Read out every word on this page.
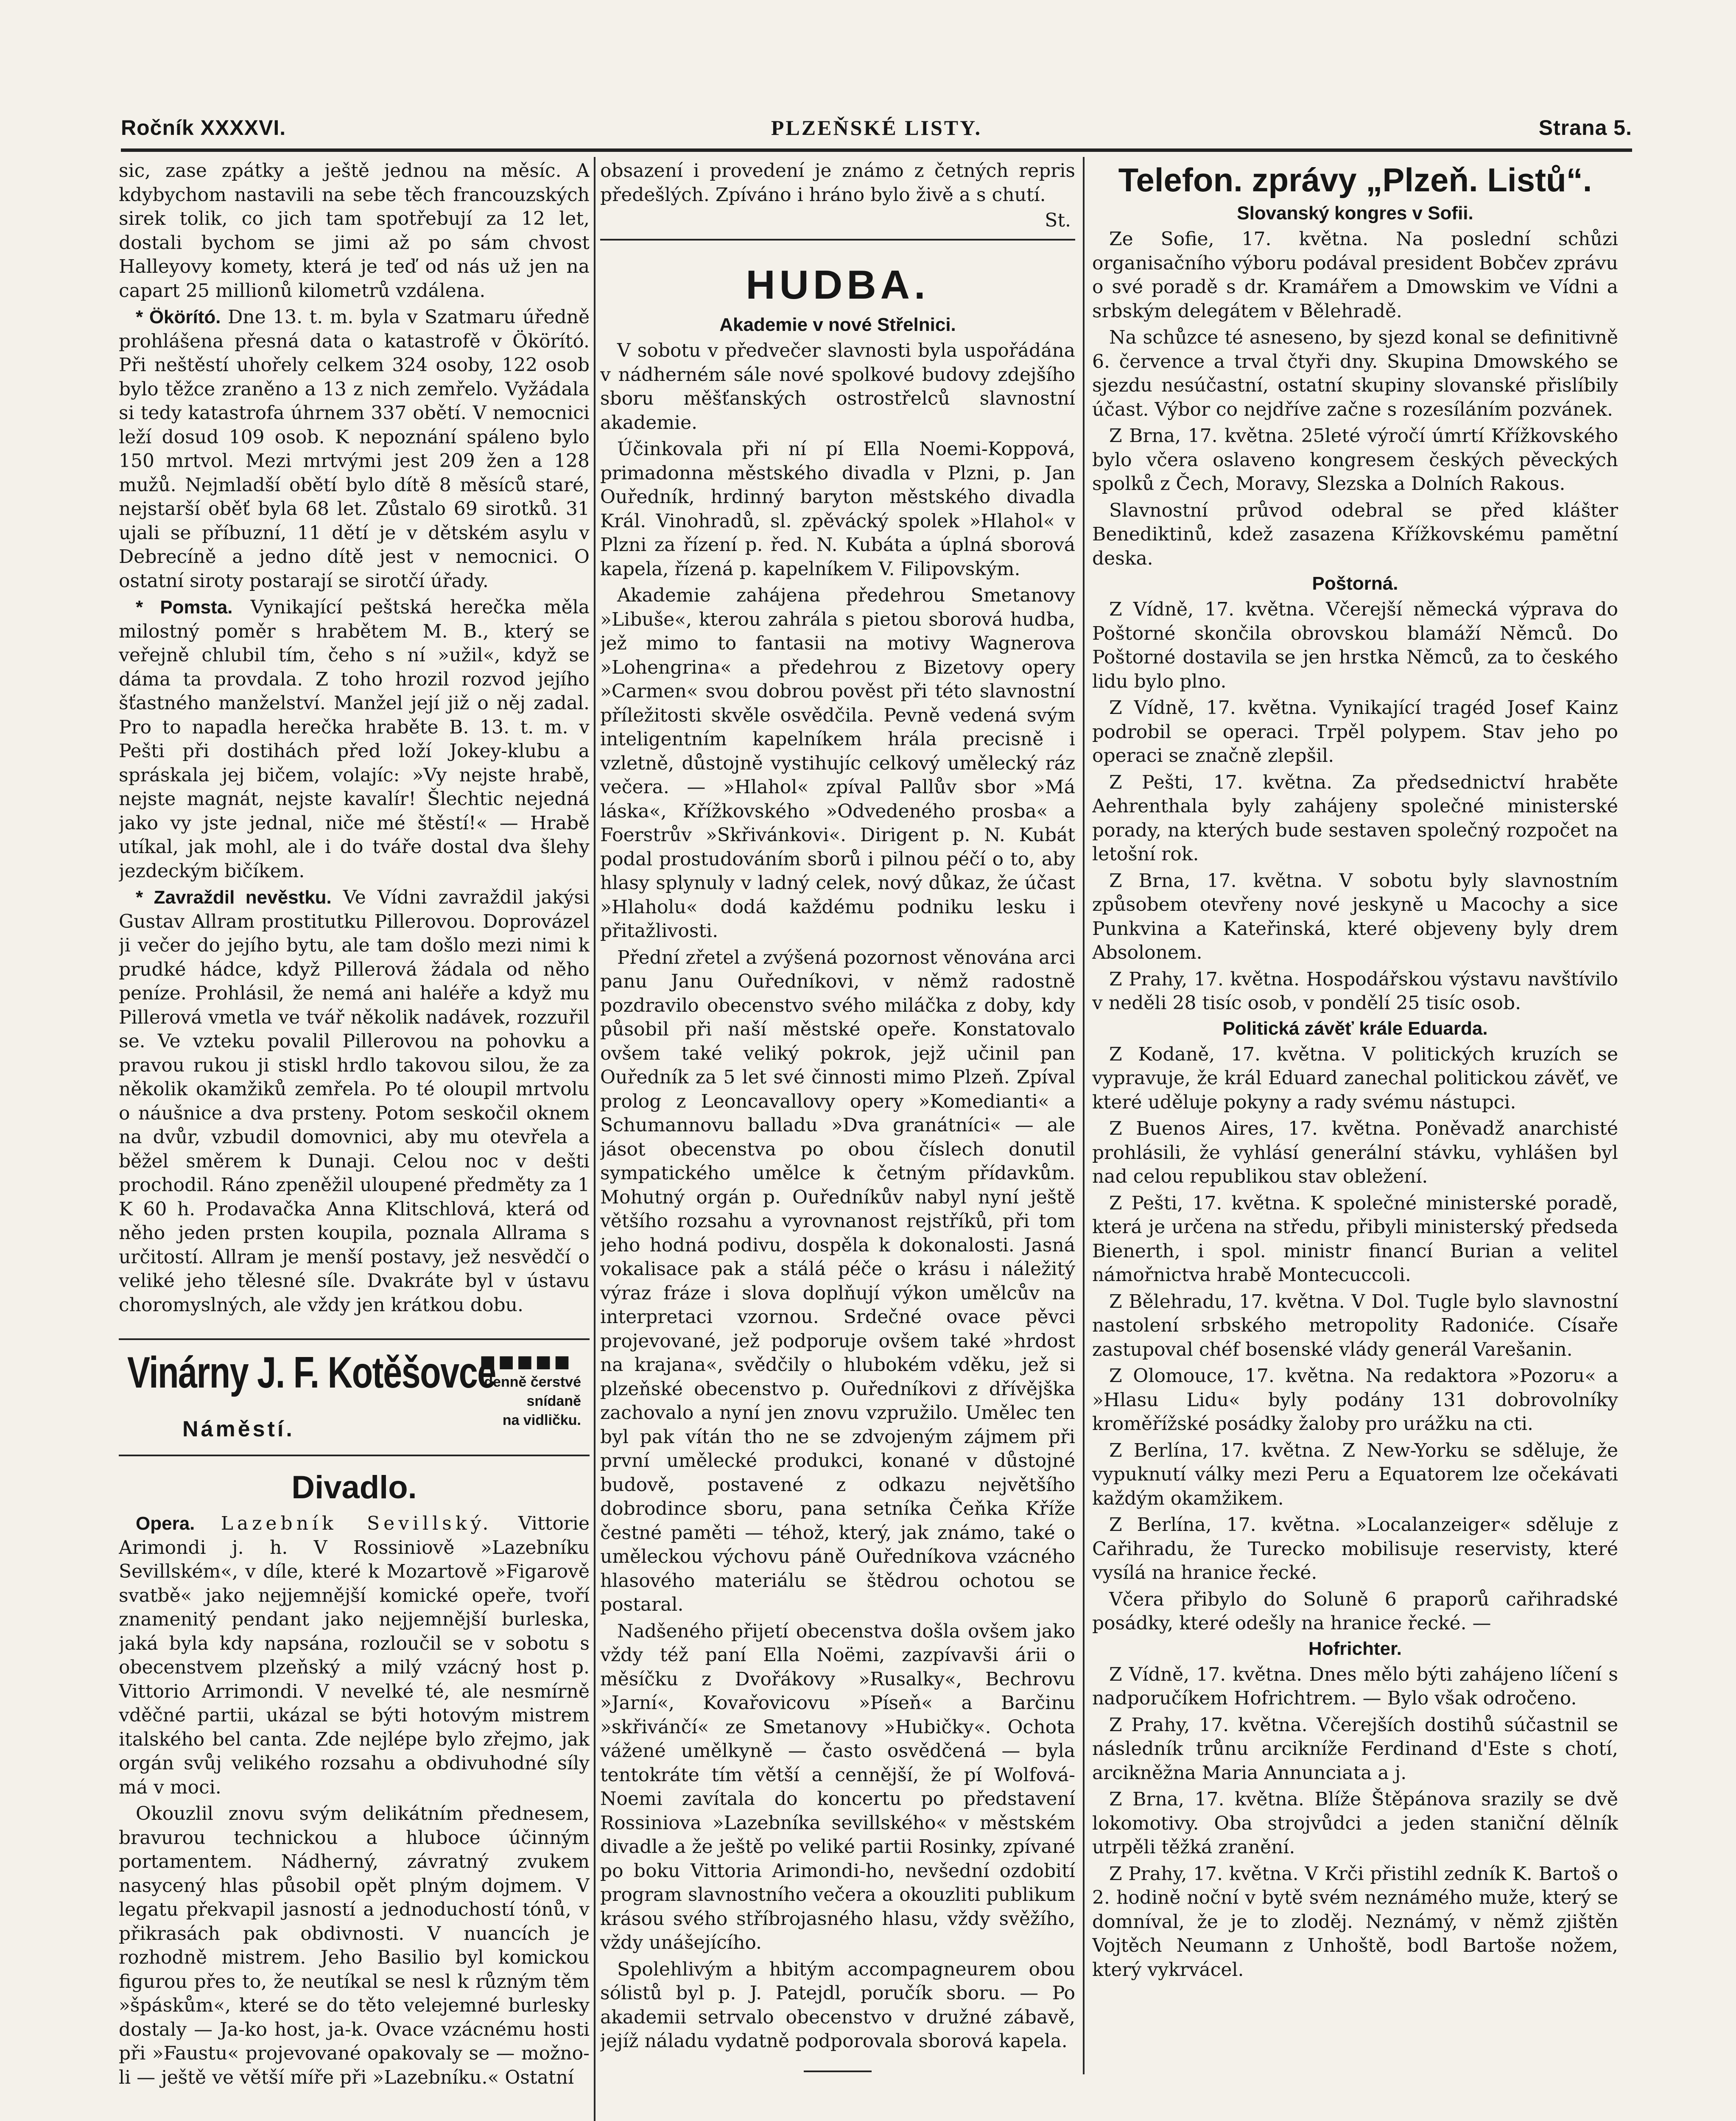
Ročník XXXXVI.	PLZEŇSKÉ LISTY.	Strana 5.

sic, zase zpátky a ještě jednou na měsíc. A kdybychom nastavili na sebe těch francouzských sirek tolik, co jich tam spotřebují za 12 let, dostali bychom se jimi až po sám chvost Halleyovy komety, která je teď od nás už jen na capart 25 millionů kilometrů vzdálena.

* Ökörító. Dne 13. t. m. byla v Szatmaru úředně prohlášena přesná data o katastrofě v Ökörító. Při neštěstí uhořely celkem 324 osoby, 122 osob bylo těžce zraněno a 13 z nich zemřelo. Vyžádala si tedy katastrofa úhrnem 337 obětí. V nemocnici leží dosud 109 osob. K nepoznání spáleno bylo 150 mrtvol. Mezi mrtvými jest 209 žen a 128 mužů. Nejmladší obětí bylo dítě 8 měsíců staré, nejstarší oběť byla 68 let. Zůstalo 69 sirotků. 31 ujali se příbuzní, 11 dětí je v dětském asylu v Debrecíně a jedno dítě jest v nemocnici. O ostatní siroty postarají se sirotčí úřady.

* Pomsta. Vynikající peštská herečka měla milostný poměr s hrabětem M. B., který se veřejně chlubil tím, čeho s ní »užil«, když se dáma ta provdala. Z toho hrozil rozvod jejího šťastného manželství. Manžel její již o něj zadal. Pro to napadla herečka hraběte B. 13. t. m. v Pešti při dostihách před loží Jokey-klubu a spráskala jej bičem, volajíc: »Vy nejste hrabě, nejste magnát, nejste kavalír! Šlechtic nejedná jako vy jste jednal, niče mé štěstí!« — Hrabě utíkal, jak mohl, ale i do tváře dostal dva šlehy jezdeckým bičíkem.

* Zavraždil nevěstku. Ve Vídni zavraždil jakýsi Gustav Allram prostitutku Pillerovou. Doprovázel ji večer do jejího bytu, ale tam došlo mezi nimi k prudké hádce, když Pillerová žádala od něho peníze. Prohlásil, že nemá ani haléře a když mu Pillerová vmetla ve tvář několik nadávek, rozzuřil se. Ve vzteku povalil Pillerovou na pohovku a pravou rukou ji stiskl hrdlo takovou silou, že za několik okamžiků zemřela. Po té oloupil mrtvolu o náušnice a dva prsteny. Potom seskočil oknem na dvůr, vzbudil domovnici, aby mu otevřela a běžel směrem k Dunaji. Celou noc v dešti prochodil. Ráno zpeněžil uloupené předměty za 1 K 60 h. Prodavačka Anna Klitschlová, která od něho jeden prsten koupila, poznala Allrama s určitostí. Allram je menší postavy, jež nesvědčí o veliké jeho tělesné síle. Dvakráte byl v ústavu choromyslných, ale vždy jen krátkou dobu.

Vinárny J. F. Kotěšovce
■■■■■
denně čerstvé
snídaně
na vidličku.
Náměstí.
Divadlo.

Opera. Lazebník Sevillský. Vittorie Arimondi j. h. V Rossiniově »Lazebníku Sevillském«, v díle, které k Mozartově »Figarově svatbě« jako nejjemnější komické opeře, tvoří znamenitý pendant jako nejjemnější burleska, jaká byla kdy napsána, rozloučil se v sobotu s obecenstvem plzeňský a milý vzácný host p. Vittorio Arrimondi. V nevelké té, ale nesmírně vděčné partii, ukázal se býti hotovým mistrem italského bel canta. Zde nejlépe bylo zřejmo, jak orgán svůj velikého rozsahu a obdivuhodné síly má v moci.

Okouzlil znovu svým delikátním přednesem, bravurou technickou a hluboce účinným portamentem. Nádherný, závratný zvukem nasycený hlas působil opět plným dojmem. V legatu překvapil jasností a jednoduchostí tónů, v přikrasách pak obdivnosti. V nuancích je rozhodně mistrem. Jeho Basilio byl komickou figurou přes to, že neutíkal se nesl k různým těm »špáskům«, které se do těto velejemné burlesky dostaly — Ja-ko host, ja-k. Ovace vzácnému hosti při »Faustu« projevované opakovaly se — možno-li — ještě ve větší míře při »Lazebníku.« Ostatní

obsazení i provedení je známo z četných repris předešlých. Zpíváno i hráno bylo živě a s chutí.

St.
HUDBA.
Akademie v nové Střelnici.

V sobotu v předvečer slavnosti byla uspořádána v nádherném sále nové spolkové budovy zdejšího sboru měšťanských ostrostřelců slavnostní akademie.

Účinkovala při ní pí Ella Noemi-Koppová, primadonna městského divadla v Plzni, p. Jan Ouředník, hrdinný baryton městského divadla Král. Vinohradů, sl. zpěvácký spolek »Hlahol« v Plzni za řízení p. řed. N. Kubáta a úplná sborová kapela, řízená p. kapelníkem V. Filipovským.

Akademie zahájena předehrou Smetanovy »Libuše«, kterou zahrála s pietou sborová hudba, jež mimo to fantasii na motivy Wagnerova »Lohengrina« a předehrou z Bizetovy opery »Carmen« svou dobrou pověst při této slavnostní příležitosti skvěle osvědčila. Pevně vedená svým inteligentním kapelníkem hrála precisně i vzletně, důstojně vystihujíc celkový umělecký ráz večera. — »Hlahol« zpíval Pallův sbor »Má láska«, Křížkovského »Odvedeného prosba« a Foerstrův »Skřivánkovi«. Dirigent p. N. Kubát podal prostudováním sborů i pilnou péčí o to, aby hlasy splynuly v ladný celek, nový důkaz, že účast »Hlaholu« dodá každému podniku lesku i přitažlivosti.

Přední zřetel a zvýšená pozornost věnována arci panu Janu Ouředníkovi, v němž radostně pozdravilo obecenstvo svého miláčka z doby, kdy působil při naší městské opeře. Konstatovalo ovšem také veliký pokrok, jejž učinil pan Ouředník za 5 let své činnosti mimo Plzeň. Zpíval prolog z Leoncavallovy opery »Komedianti« a Schumannovu balladu »Dva granátníci« — ale jásot obecenstva po obou číslech donutil sympatického umělce k četným přídavkům. Mohutný orgán p. Ouředníkův nabyl nyní ještě většího rozsahu a vyrovnanost rejstříků, při tom jeho hodná podivu, dospěla k dokonalosti. Jasná vokalisace pak a stálá péče o krásu i náležitý výraz fráze i slova doplňují výkon umělcův na interpretaci vzornou. Srdečné ovace pěvci projevované, jež podporuje ovšem také »hrdost na krajana«, svědčily o hlubokém vděku, jež si plzeňské obecenstvo p. Ouředníkovi z dřívějška zachovalo a nyní jen znovu vzpružilo. Umělec ten byl pak vítán tho ne se zdvojeným zájmem při první umělecké produkci, konané v důstojné budově, postavené z odkazu největšího dobrodince sboru, pana setníka Čeňka Kříže čestné paměti — téhož, který, jak známo, také o uměleckou výchovu páně Ouředníkova vzácného hlasového materiálu se štědrou ochotou se postaral.

Nadšeného přijetí obecenstva došla ovšem jako vždy též paní Ella Noëmi, zazpívavši árii o měsíčku z Dvořákovy »Rusalky«, Bechrovu »Jarní«, Kovařovicovu »Píseň« a Barčinu »skřivánčí« ze Smetanovy »Hubičky«. Ochota vážené umělkyně — často osvědčená — byla tentokráte tím větší a cennější, že pí Wolfová-Noemi zavítala do koncertu po představení Rossiniova »Lazebníka sevillského« v městském divadle a že ještě po veliké partii Rosinky, zpívané po boku Vittoria Arimondi-ho, nevšední ozdobití program slavnostního večera a okouzliti publikum krásou svého stříbrojasného hlasu, vždy svěžího, vždy unášejícího.

Spolehlivým a hbitým accompagneurem obou sólistů byl p. J. Patejdl, poručík sboru. — Po akademii setrvalo obecenstvo v družné zábavě, jejíž náladu vydatně podporovala sborová kapela.

Telefon. zprávy „Plzeň. Listů“.
Slovanský kongres v Sofii.

Ze Sofie, 17. května. Na poslední schůzi organisačního výboru podával president Bobčev zprávu o své poradě s dr. Kramářem a Dmowskim ve Vídni a srbským delegátem v Bělehradě.

Na schůzce té asneseno, by sjezd konal se definitivně 6. července a trval čtyři dny. Skupina Dmowského se sjezdu nesúčastní, ostatní skupiny slovanské přislíbily účast. Výbor co nejdříve začne s rozesíláním pozvánek.

Z Brna, 17. května. 25leté výročí úmrtí Křížkovského bylo včera oslaveno kongresem českých pěveckých spolků z Čech, Moravy, Slezska a Dolních Rakous.

Slavnostní průvod odebral se před klášter Benediktinů, kdež zasazena Křížkovskému pamětní deska.

Poštorná.

Z Vídně, 17. května. Včerejší německá výprava do Poštorné skončila obrovskou blamáží Němců. Do Poštorné dostavila se jen hrstka Němců, za to českého lidu bylo plno.

Z Vídně, 17. května. Vynikající tragéd Josef Kainz podrobil se operaci. Trpěl polypem. Stav jeho po operaci se značně zlepšil.

Z Pešti, 17. května. Za předsednictví hraběte Aehrenthala byly zahájeny společné ministerské porady, na kterých bude sestaven společný rozpočet na letošní rok.

Z Brna, 17. května. V sobotu byly slavnostním způsobem otevřeny nové jeskyně u Macochy a sice Punkvina a Kateřinská, které objeveny byly drem Absolonem.

Z Prahy, 17. května. Hospodářskou výstavu navštívilo v neděli 28 tisíc osob, v pondělí 25 tisíc osob.

Politická závěť krále Eduarda.

Z Kodaně, 17. května. V politických kruzích se vypravuje, že král Eduard zanechal politickou závěť, ve které uděluje pokyny a rady svému nástupci.

Z Buenos Aires, 17. května. Poněvadž anarchisté prohlásili, že vyhlásí generální stávku, vyhlášen byl nad celou republikou stav obležení.

Z Pešti, 17. května. K společné ministerské poradě, která je určena na středu, přibyli ministerský předseda Bienerth, i spol. ministr financí Burian a velitel námořnictva hrabě Montecuccoli.

Z Bělehradu, 17. května. V Dol. Tugle bylo slavnostní nastolení srbského metropolity Radoniće. Císaře zastupoval chéf bosenské vlády generál Varešanin.

Z Olomouce, 17. května. Na redaktora »Pozoru« a »Hlasu Lidu« byly podány 131 dobrovolníky kroměřížské posádky žaloby pro urážku na cti.

Z Berlína, 17. května. Z New-Yorku se sděluje, že vypuknutí války mezi Peru a Equatorem lze očekávati každým okamžikem.

Z Berlína, 17. května. »Localanzeiger« sděluje z Cařihradu, že Turecko mobilisuje reservisty, které vysílá na hranice řecké.

Včera přibylo do Soluně 6 praporů cařihradské posádky, které odešly na hranice řecké. —

Hofrichter.

Z Vídně, 17. května. Dnes mělo býti zahájeno líčení s nadporučíkem Hofrichtrem. — Bylo však odročeno.

Z Prahy, 17. května. Včerejších dostihů súčastnil se následník trůnu arcikníže Ferdinand d'Este s chotí, arcikněžna Maria Annunciata a j.

Z Brna, 17. května. Blíže Štěpánova srazily se dvě lokomotivy. Oba strojvůdci a jeden staniční dělník utrpěli těžká zranění.

Z Prahy, 17. května. V Krči přistihl zedník K. Bartoš o 2. hodině noční v bytě svém neznámého muže, který se domníval, že je to zloděj. Neznámý, v němž zjištěn Vojtěch Neumann z Unhoště, bodl Bartoše nožem, který vykrvácel.
